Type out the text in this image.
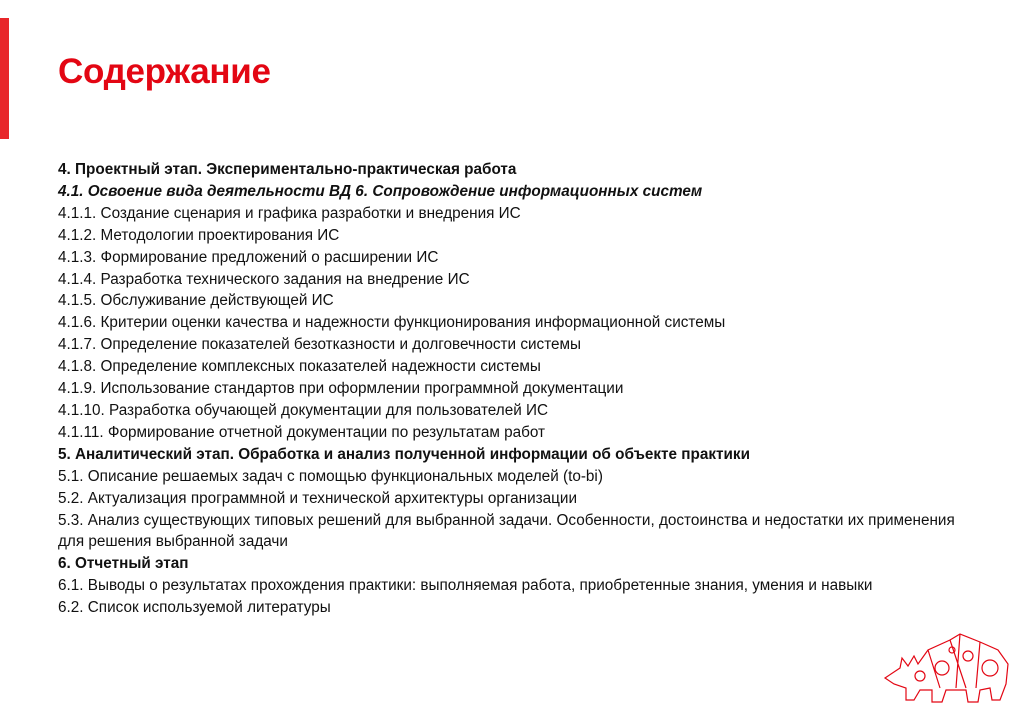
Содержание
4. Проектный этап. Экспериментально-практическая работа
4.1. Освоение вида деятельности ВД 6. Сопровождение информационных систем
4.1.1. Создание сценария и графика разработки и внедрения ИС
4.1.2. Методологии проектирования ИС
4.1.3. Формирование предложений о расширении ИС
4.1.4. Разработка технического задания на внедрение ИС
4.1.5. Обслуживание действующей ИС
4.1.6. Критерии оценки качества и надежности функционирования информационной системы
4.1.7. Определение показателей безотказности и долговечности системы
4.1.8. Определение комплексных показателей надежности системы
4.1.9. Использование стандартов при оформлении программной документации
4.1.10. Разработка обучающей документации для пользователей ИС
4.1.11. Формирование отчетной документации по результатам работ
5. Аналитический этап. Обработка и анализ полученной информации об объекте практики
5.1. Описание решаемых задач с помощью функциональных моделей (to-bi)
5.2. Актуализация программной и технической архитектуры организации
5.3. Анализ существующих типовых решений для выбранной задачи. Особенности, достоинства и недостатки их применения для решения выбранной задачи
6. Отчетный этап
6.1. Выводы о результатах прохождения практики: выполняемая работа, приобретенные знания, умения и навыки
6.2. Список используемой литературы
